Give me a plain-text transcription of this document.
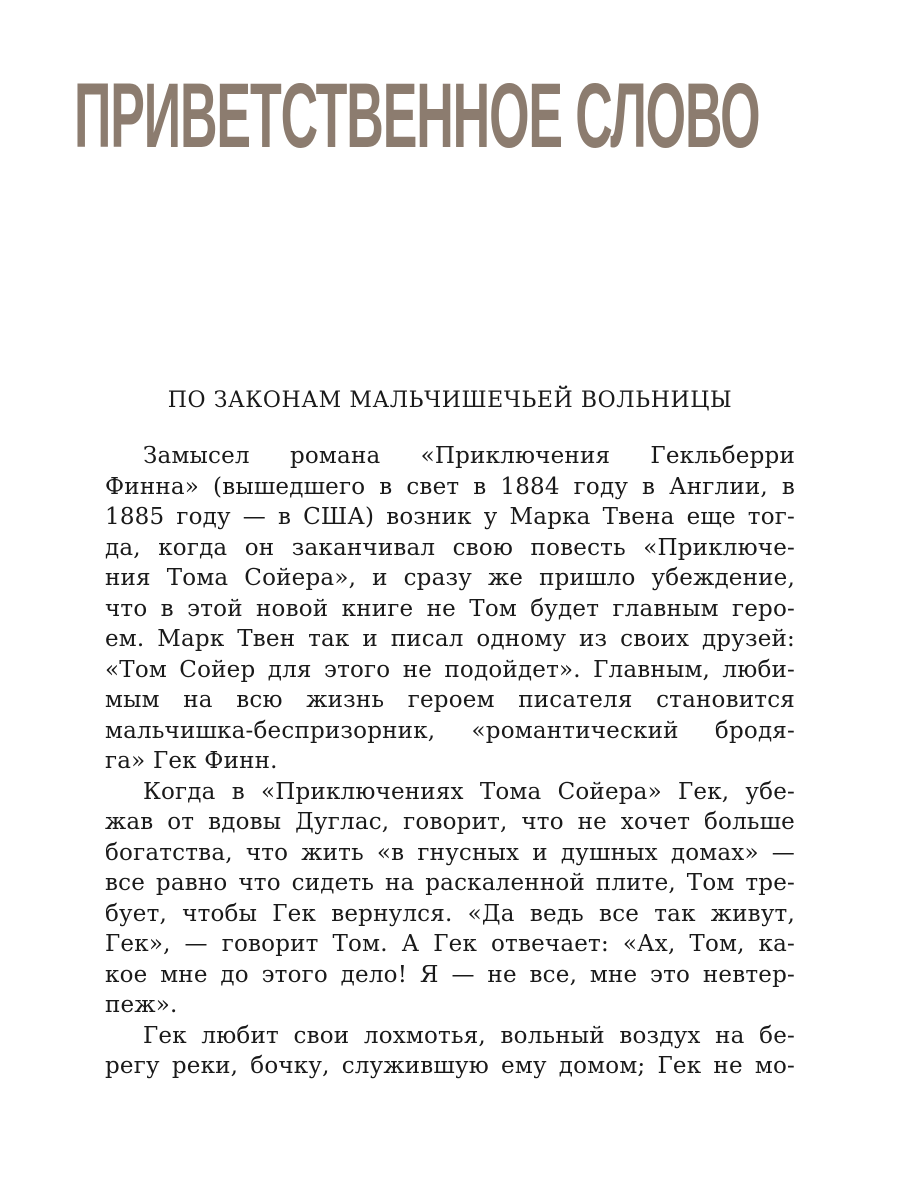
ПРИВЕТСТВЕННОЕ СЛОВО
ПО ЗАКОНАМ МАЛЬЧИШЕЧЬЕЙ ВОЛЬНИЦЫ
Замысел романа «Приключения Гекльберри
Финна» (вышедшего в свет в 1884 году в Англии, в
1885 году — в США) возник у Марка Твена еще тог-
да, когда он заканчивал свою повесть «Приключе-
ния Тома Сойера», и сразу же пришло убеждение,
что в этой новой книге не Том будет главным геро-
ем. Марк Твен так и писал одному из своих друзей:
«Том Сойер для этого не подойдет». Главным, люби-
мым на всю жизнь героем писателя становится
мальчишка-беспризорник, «романтический бродя-
га» Гек Финн.
Когда в «Приключениях Тома Сойера» Гек, убе-
жав от вдовы Дуглас, говорит, что не хочет больше
богатства, что жить «в гнусных и душных домах» —
все равно что сидеть на раскаленной плите, Том тре-
бует, чтобы Гек вернулся. «Да ведь все так живут,
Гек», — говорит Том. А Гек отвечает: «Ах, Том, ка-
кое мне до этого дело! Я — не все, мне это невтер-
пеж».
Гек любит свои лохмотья, вольный воздух на бе-
регу реки, бочку, служившую ему домом; Гек не мо-
